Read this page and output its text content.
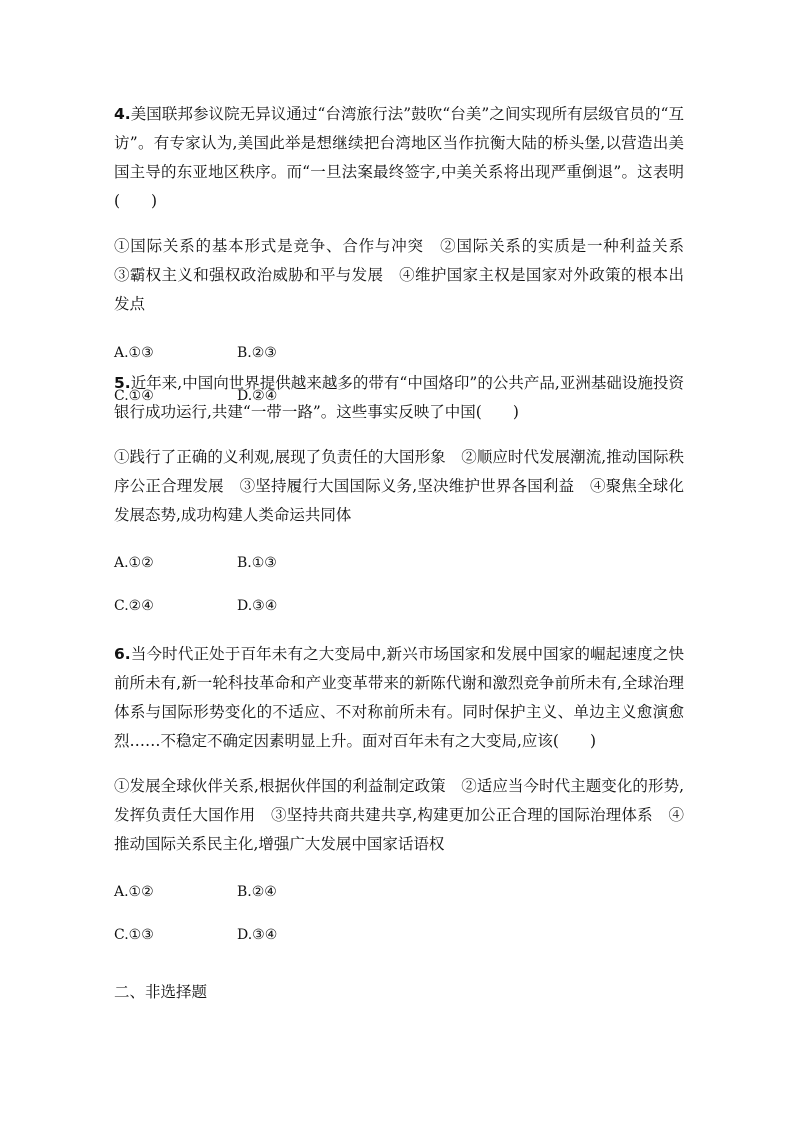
4.美国联邦参议院无异议通过“台湾旅行法”鼓吹“台美”之间实现所有层级官员的“互访”。有专家认为,美国此举是想继续把台湾地区当作抗衡大陆的桥头堡,以营造出美国主导的东亚地区秩序。而“一旦法案最终签字,中美关系将出现严重倒退”。这表明(　　)

①国际关系的基本形式是竞争、合作与冲突　②国际关系的实质是一种利益关系　③霸权主义和强权政治威胁和平与发展　④维护国家主权是国家对外政策的根本出发点

A.①③	B.②③
C.①④	D.②④

5.近年来,中国向世界提供越来越多的带有“中国烙印”的公共产品,亚洲基础设施投资银行成功运行,共建“一带一路”。这些事实反映了中国(　　)

①践行了正确的义利观,展现了负责任的大国形象　②顺应时代发展潮流,推动国际秩序公正合理发展　③坚持履行大国国际义务,坚决维护世界各国利益　④聚焦全球化发展态势,成功构建人类命运共同体

A.①②	B.①③
C.②④	D.③④

6.当今时代正处于百年未有之大变局中,新兴市场国家和发展中国家的崛起速度之快前所未有,新一轮科技革命和产业变革带来的新陈代谢和激烈竞争前所未有,全球治理体系与国际形势变化的不适应、不对称前所未有。同时保护主义、单边主义愈演愈烈……不稳定不确定因素明显上升。面对百年未有之大变局,应该(　　)

①发展全球伙伴关系,根据伙伴国的利益制定政策　②适应当今时代主题变化的形势,发挥负责任大国作用　③坚持共商共建共享,构建更加公正合理的国际治理体系　④推动国际关系民主化,增强广大发展中国家话语权

A.①②	B.②④
C.①③	D.③④

二、非选择题
